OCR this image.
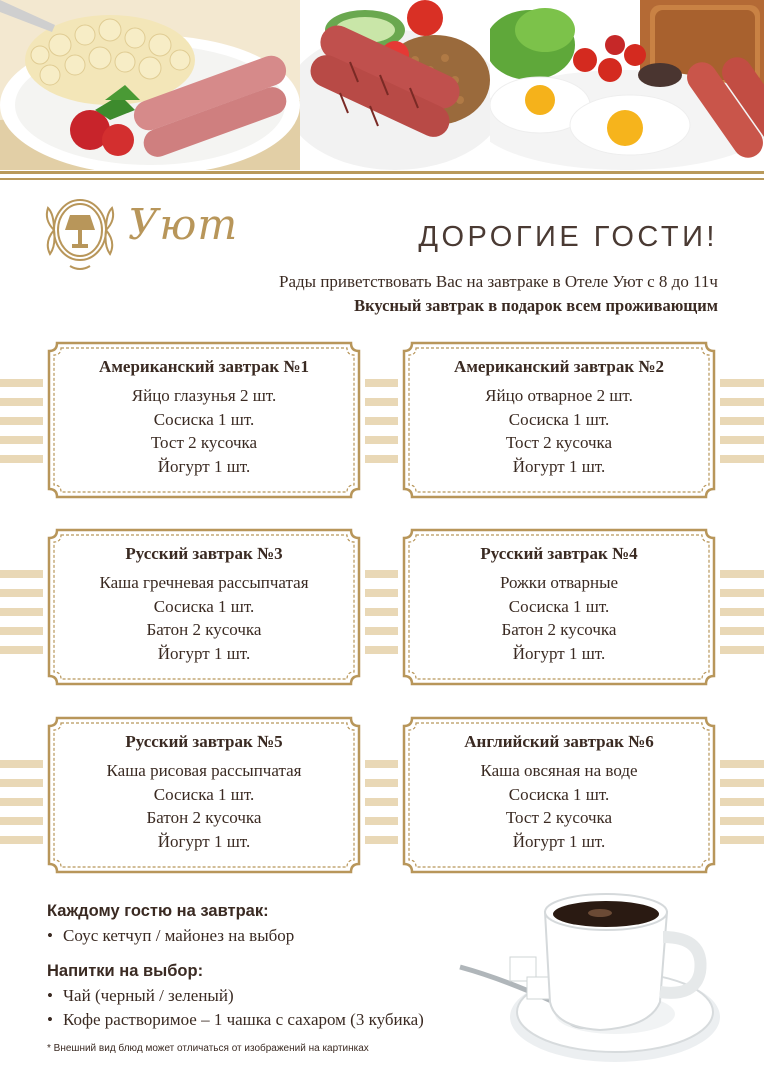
Уют	ДОРОГИЕ ГОСТИ!
Рады приветствовать Вас на завтраке в Отеле Уют с 8 до 11ч
Вкусный завтрак в подарок всем проживающим
Американский завтрак №1
Яйцо глазунья 2 шт.
Сосиска 1 шт.
Тост 2 кусочка
Йогурт 1 шт.
Американский завтрак №2
Яйцо отварное 2 шт.
Сосиска 1 шт.
Тост 2 кусочка
Йогурт 1 шт.
Русский завтрак №3
Каша гречневая рассыпчатая
Сосиска 1 шт.
Батон 2 кусочка
Йогурт 1 шт.
Русский завтрак №4
Рожки отварные
Сосиска 1 шт.
Батон 2 кусочка
Йогурт 1 шт.
Русский завтрак №5
Каша рисовая рассыпчатая
Сосиска 1 шт.
Батон 2 кусочка
Йогурт 1 шт.
Английский завтрак №6
Каша овсяная на воде
Сосиска 1 шт.
Тост 2 кусочка
Йогурт 1 шт.
Каждому гостю на завтрак:
• Соус кетчуп / майонез на выбор
Напитки на выбор:
• Чай (черный / зеленый)
• Кофе растворимое – 1 чашка с сахаром (3 кубика)
* Внешний вид блюд может отличаться от изображений на картинках
